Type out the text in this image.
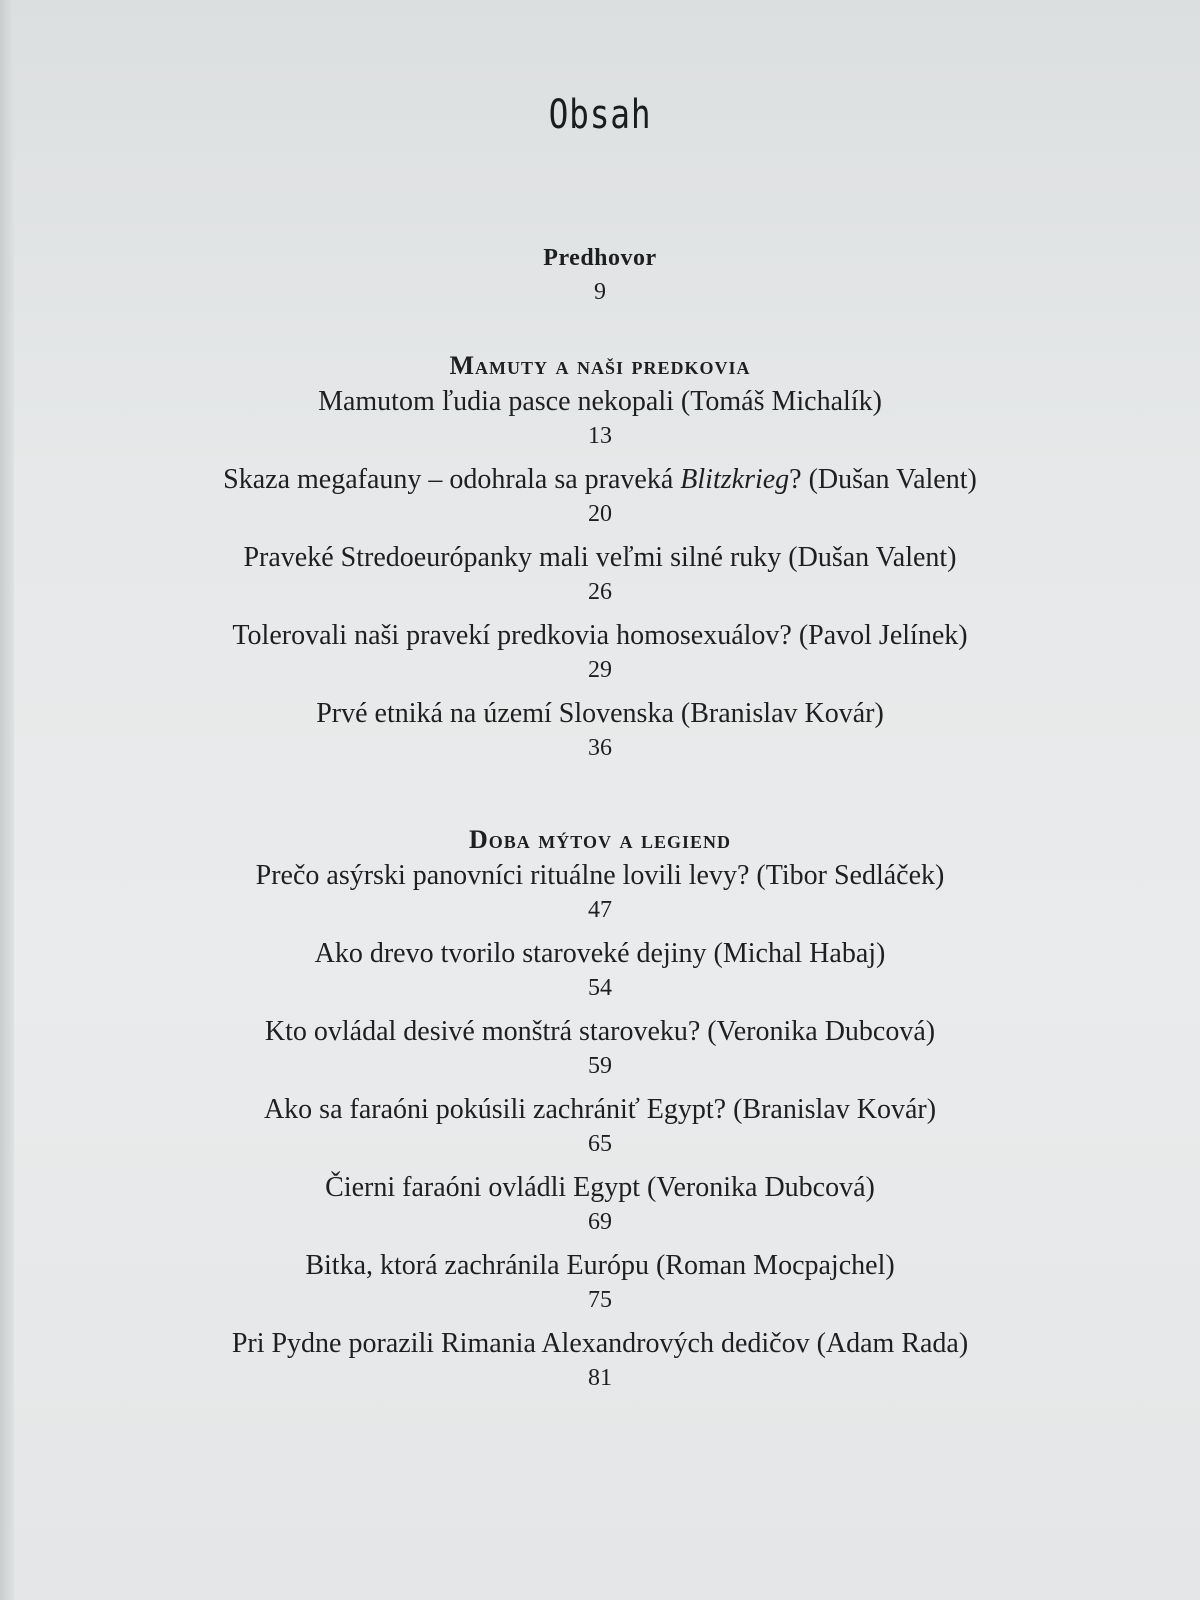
Obsah
Predhovor
9
Mamuty a naši predkovia
Mamutom ľudia pasce nekopali (Tomáš Michalík)
13
Skaza megafauny – odohrala sa praveká Blitzkrieg? (Dušan Valent)
20
Praveké Stredoeurópanky mali veľmi silné ruky (Dušan Valent)
26
Tolerovali naši pravekí predkovia homosexuálov? (Pavol Jelínek)
29
Prvé etniká na území Slovenska (Branislav Kovár)
36
Doba mýtov a legiend
Prečo asýrski panovníci rituálne lovili levy? (Tibor Sedláček)
47
Ako drevo tvorilo staroveké dejiny (Michal Habaj)
54
Kto ovládal desivé monštrá staroveku? (Veronika Dubcová)
59
Ako sa faraóni pokúsili zachrániť Egypt? (Branislav Kovár)
65
Čierni faraóni ovládli Egypt (Veronika Dubcová)
69
Bitka, ktorá zachránila Európu (Roman Mocpajchel)
75
Pri Pydne porazili Rimania Alexandrových dedičov (Adam Rada)
81
